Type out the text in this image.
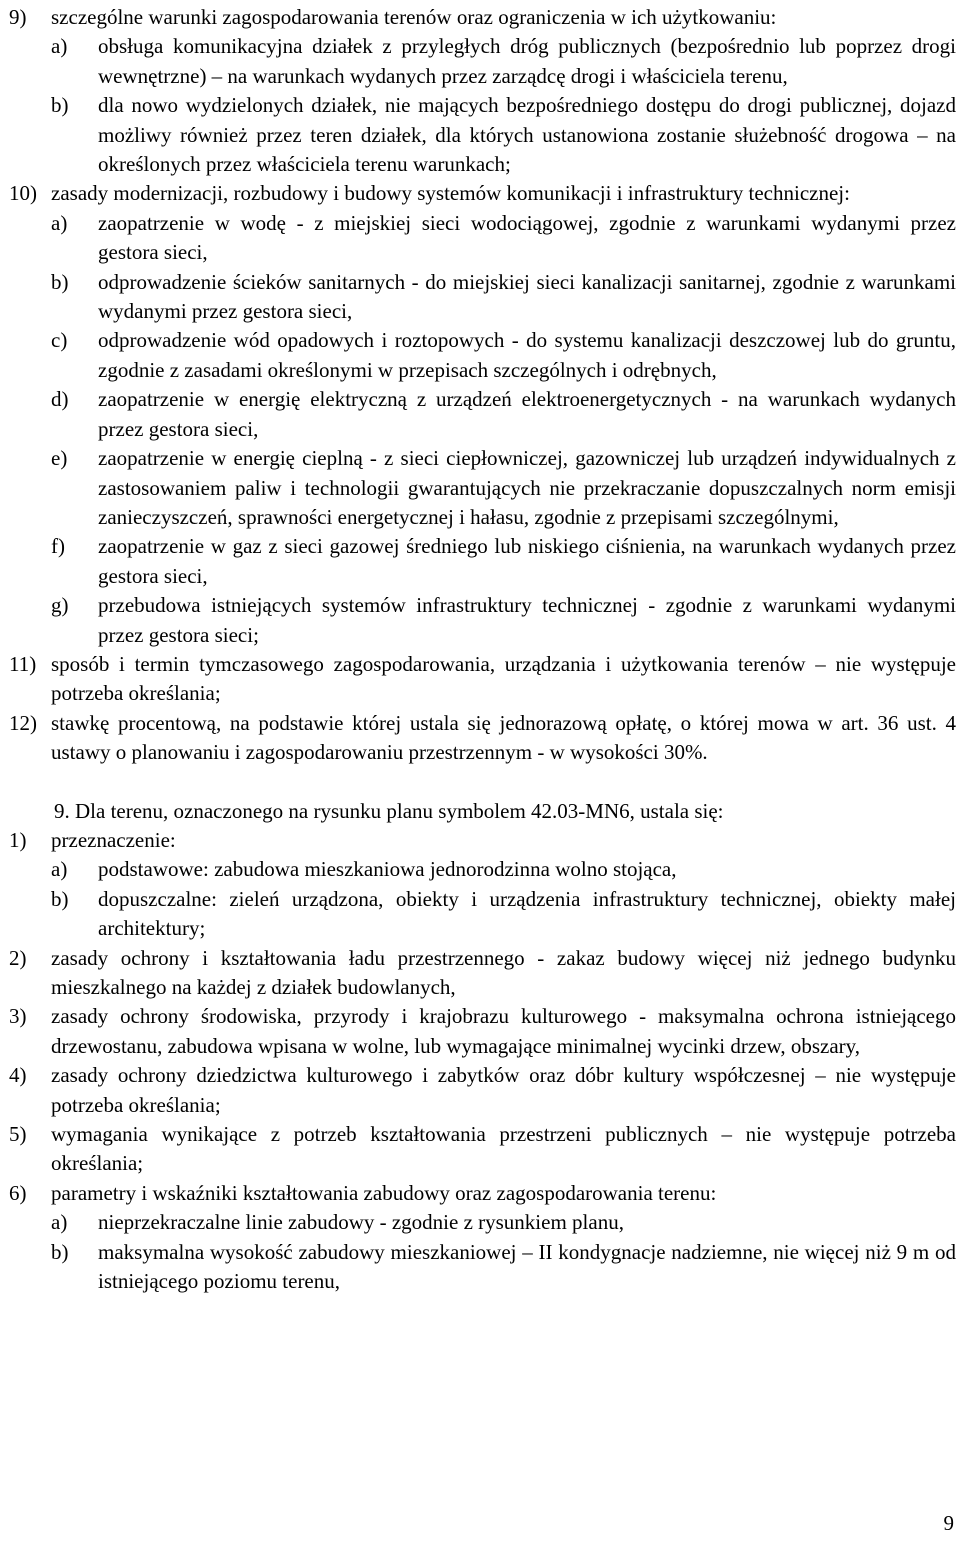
9) szczególne warunki zagospodarowania terenów oraz ograniczenia w ich użytkowaniu:
a) obsługa komunikacyjna działek z przyległych dróg publicznych (bezpośrednio lub poprzez drogi wewnętrzne) – na warunkach wydanych przez zarządcę drogi i właściciela terenu,
b) dla nowo wydzielonych działek, nie mających bezpośredniego dostępu do drogi publicznej, dojazd możliwy również przez teren działek, dla których ustanowiona zostanie służebność drogowa – na określonych przez właściciela terenu warunkach;
10) zasady modernizacji, rozbudowy i budowy systemów komunikacji i infrastruktury technicznej:
a) zaopatrzenie w wodę - z miejskiej sieci wodociągowej, zgodnie z warunkami wydanymi przez gestora sieci,
b) odprowadzenie ścieków sanitarnych - do miejskiej sieci kanalizacji sanitarnej, zgodnie z warunkami wydanymi przez gestora sieci,
c) odprowadzenie wód opadowych i roztopowych - do systemu kanalizacji deszczowej lub do gruntu, zgodnie z zasadami określonymi w przepisach szczególnych i odrębnych,
d) zaopatrzenie w energię elektryczną z urządzeń elektroenergetycznych - na warunkach wydanych przez gestora sieci,
e) zaopatrzenie w energię cieplną - z sieci ciepłowniczej, gazowniczej lub urządzeń indywidualnych z zastosowaniem paliw i technologii gwarantujących nie przekraczanie dopuszczalnych norm emisji zanieczyszczeń, sprawności energetycznej i hałasu, zgodnie z przepisami szczególnymi,
f) zaopatrzenie w gaz z sieci gazowej średniego lub niskiego ciśnienia, na warunkach wydanych przez gestora sieci,
g) przebudowa istniejących systemów infrastruktury technicznej - zgodnie z warunkami wydanymi przez gestora sieci;
11) sposób i termin tymczasowego zagospodarowania, urządzania i użytkowania terenów – nie występuje potrzeba określania;
12) stawkę procentową, na podstawie której ustala się jednorazową opłatę, o której mowa w art. 36 ust. 4 ustawy o planowaniu i zagospodarowaniu przestrzennym - w wysokości 30%.
9. Dla terenu, oznaczonego na rysunku planu symbolem 42.03-MN6, ustala się:
1) przeznaczenie:
a) podstawowe: zabudowa mieszkaniowa jednorodzinna wolno stojąca,
b) dopuszczalne: zieleń urządzona, obiekty i urządzenia infrastruktury technicznej, obiekty małej architektury;
2) zasady ochrony i kształtowania ładu przestrzennego - zakaz budowy więcej niż jednego budynku mieszkalnego na każdej z działek budowlanych,
3) zasady ochrony środowiska, przyrody i krajobrazu kulturowego - maksymalna ochrona istniejącego drzewostanu, zabudowa wpisana w wolne, lub wymagające minimalnej wycinki drzew, obszary,
4) zasady ochrony dziedzictwa kulturowego i zabytków oraz dóbr kultury współczesnej – nie występuje potrzeba określania;
5) wymagania wynikające z potrzeb kształtowania przestrzeni publicznych – nie występuje potrzeba określania;
6) parametry i wskaźniki kształtowania zabudowy oraz zagospodarowania terenu:
a) nieprzekraczalne linie zabudowy - zgodnie z rysunkiem planu,
b) maksymalna wysokość zabudowy mieszkaniowej – II kondygnacje nadziemne, nie więcej niż 9 m od istniejącego poziomu terenu,
9
